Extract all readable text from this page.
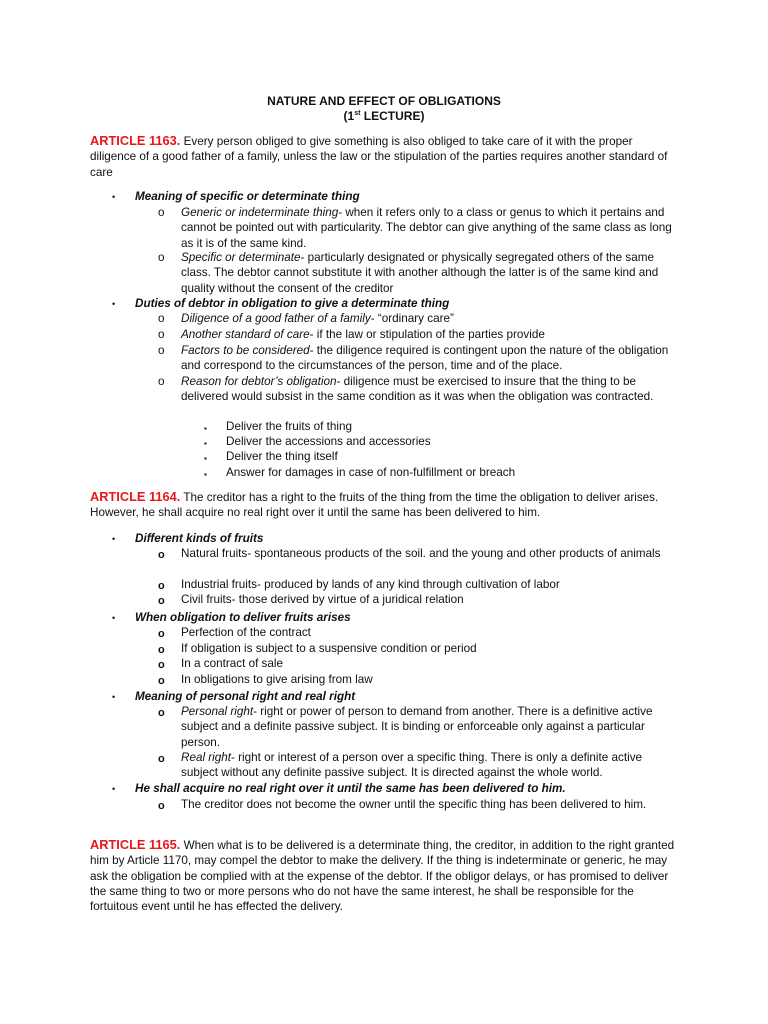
NATURE AND EFFECT OF OBLIGATIONS
(1st LECTURE)
ARTICLE 1163. Every person obliged to give something is also obliged to take care of it with the proper diligence of a good father of a family, unless the law or the stipulation of the parties requires another standard of care
• Meaning of specific or determinate thing
o Generic or indeterminate thing- when it refers only to a class or genus to which it pertains and cannot be pointed out with particularity. The debtor can give anything of the same class as long as it is of the same kind.
o Specific or determinate- particularly designated or physically segregated others of the same class. The debtor cannot substitute it with another although the latter is of the same kind and quality without the consent of the creditor
• Duties of debtor in obligation to give a determinate thing
o Diligence of a good father of a family- “ordinary care”
o Another standard of care- if the law or stipulation of the parties provide
o Factors to be considered- the diligence required is contingent upon the nature of the obligation and correspond to the circumstances of the person, time and of the place.
o Reason for debtor’s obligation- diligence must be exercised to insure that the thing to be delivered would subsist in the same condition as it was when the obligation was contracted.
▪ Deliver the fruits of thing
▪ Deliver the accessions and accessories
▪ Deliver the thing itself
▪ Answer for damages in case of non-fulfillment or breach
ARTICLE 1164. The creditor has a right to the fruits of the thing from the time the obligation to deliver arises. However, he shall acquire no real right over it until the same has been delivered to him.
• Different kinds of fruits
o Natural fruits- spontaneous products of the soil. and the young and other products of animals
o Industrial fruits- produced by lands of any kind through cultivation of labor
o Civil fruits- those derived by virtue of a juridical relation
• When obligation to deliver fruits arises
o Perfection of the contract
o If obligation is subject to a suspensive condition or period
o In a contract of sale
o In obligations to give arising from law
• Meaning of personal right and real right
o Personal right- right or power of person to demand from another. There is a definitive active subject and a definite passive subject. It is binding or enforceable only against a particular person.
o Real right- right or interest of a person over a specific thing. There is only a definite active subject without any definite passive subject. It is directed against the whole world.
• He shall acquire no real right over it until the same has been delivered to him.
o The creditor does not become the owner until the specific thing has been delivered to him.
ARTICLE 1165. When what is to be delivered is a determinate thing, the creditor, in addition to the right granted him by Article 1170, may compel the debtor to make the delivery. If the thing is indeterminate or generic, he may ask the obligation be complied with at the expense of the debtor. If the obligor delays, or has promised to deliver the same thing to two or more persons who do not have the same interest, he shall be responsible for the fortuitous event until he has effected the delivery.
